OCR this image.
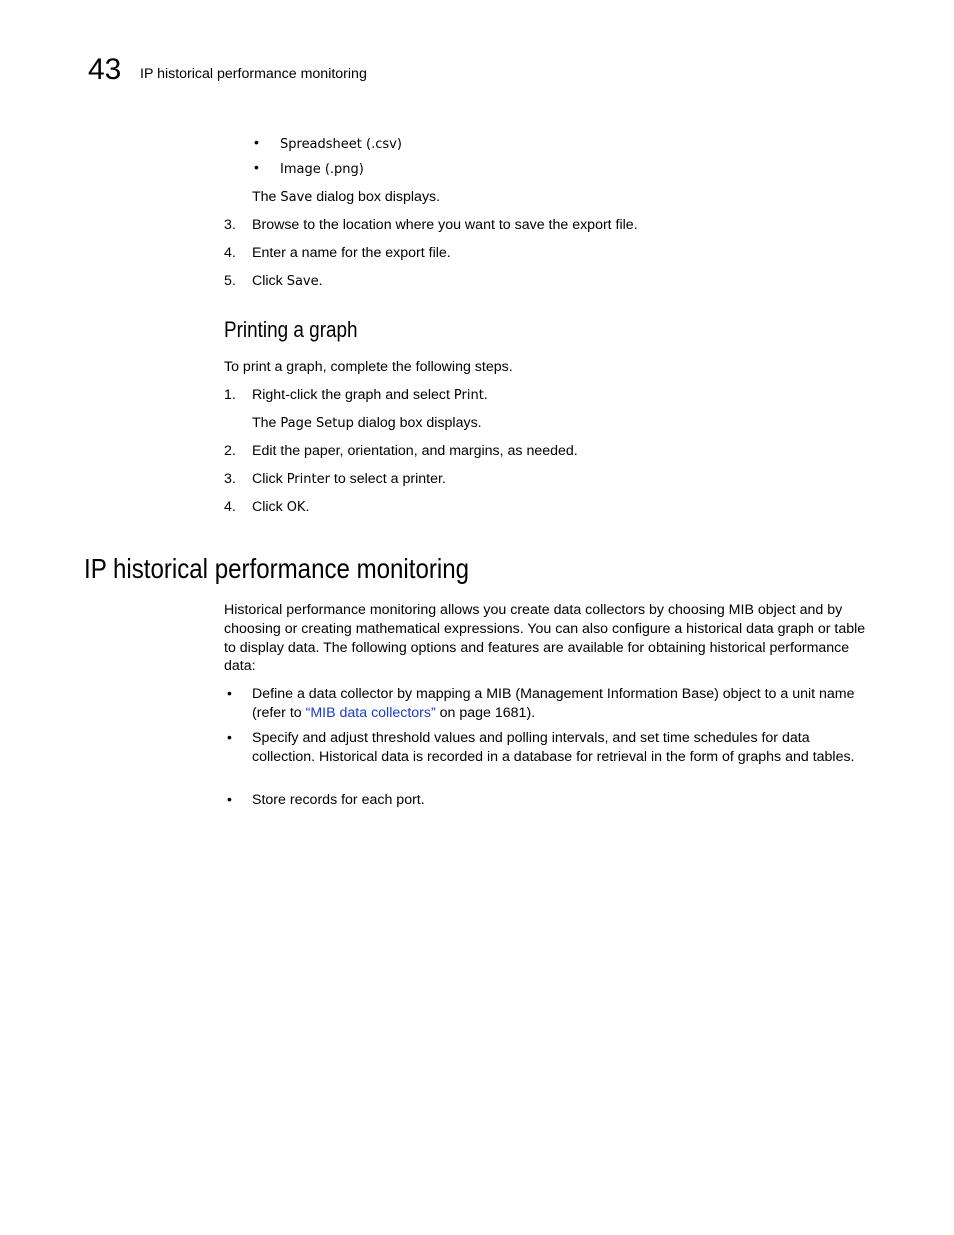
43 IP historical performance monitoring
• Spreadsheet (.csv)
• Image (.png)
The Save dialog box displays.
3. Browse to the location where you want to save the export file.
4. Enter a name for the export file.
5. Click Save.
Printing a graph
To print a graph, complete the following steps.
1. Right-click the graph and select Print.
The Page Setup dialog box displays.
2. Edit the paper, orientation, and margins, as needed.
3. Click Printer to select a printer.
4. Click OK.
IP historical performance monitoring
Historical performance monitoring allows you create data collectors by choosing MIB object and by choosing or creating mathematical expressions. You can also configure a historical data graph or table to display data. The following options and features are available for obtaining historical performance data:
• Define a data collector by mapping a MIB (Management Information Base) object to a unit name (refer to “MIB data collectors” on page 1681).
• Specify and adjust threshold values and polling intervals, and set time schedules for data collection. Historical data is recorded in a database for retrieval in the form of graphs and tables.
• Store records for each port.
